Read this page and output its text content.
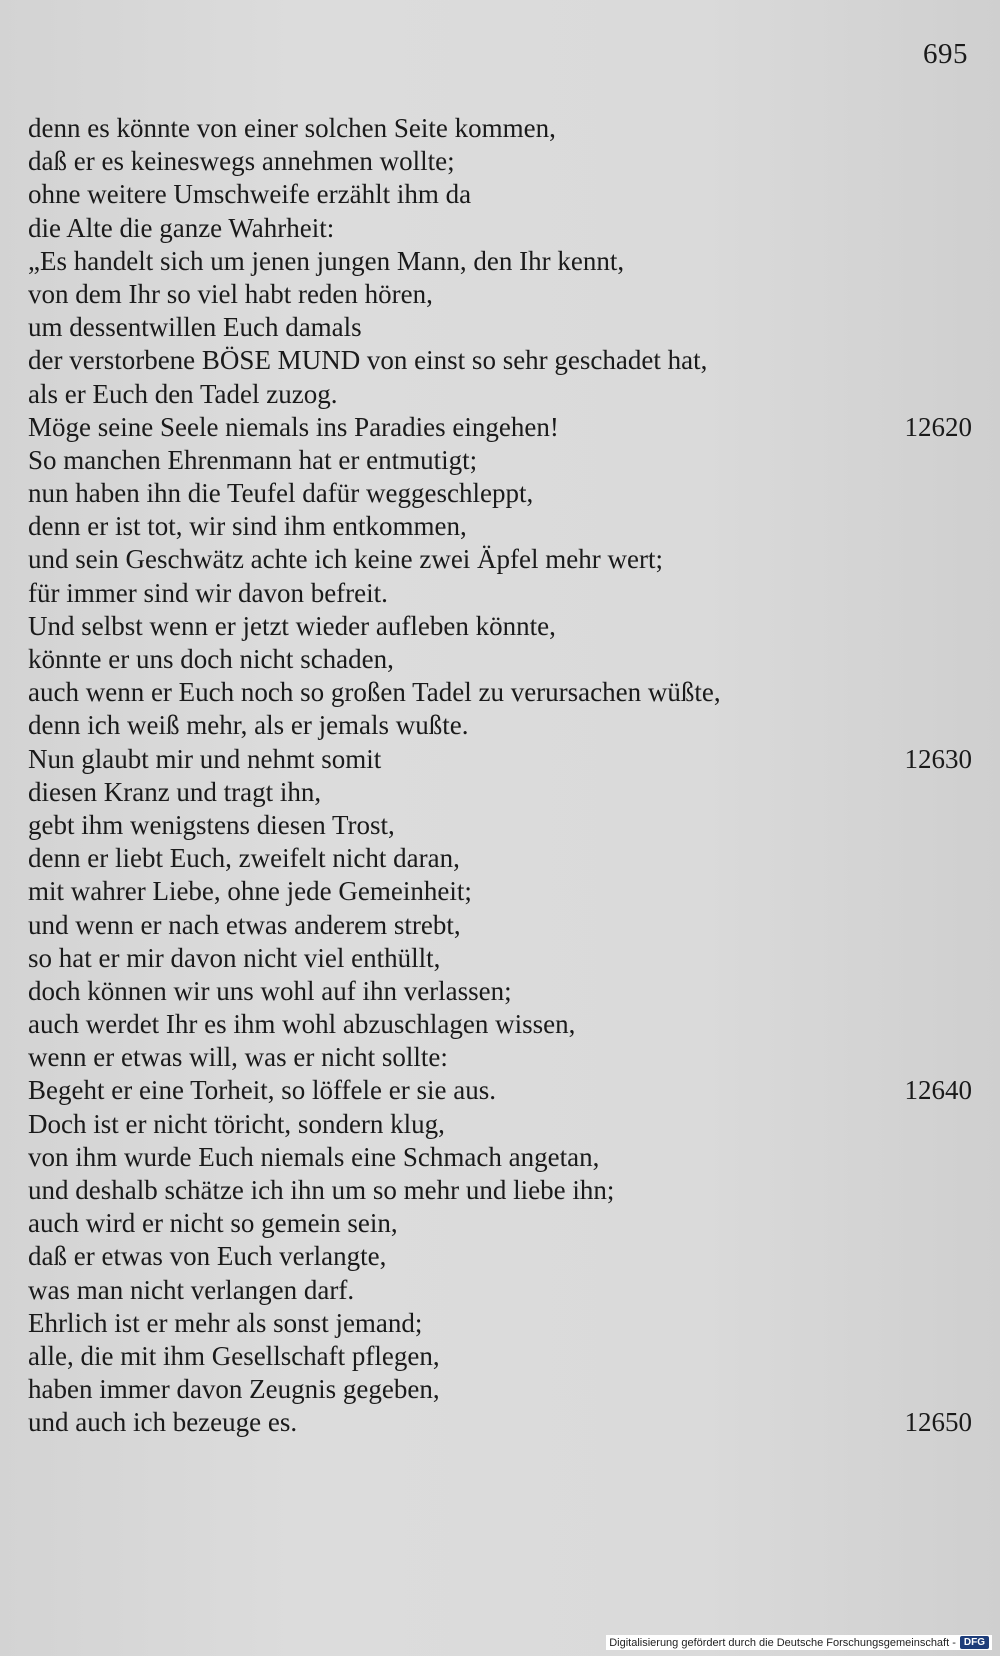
695
denn es könnte von einer solchen Seite kommen,
daß er es keineswegs annehmen wollte;
ohne weitere Umschweife erzählt ihm da
die Alte die ganze Wahrheit:
„Es handelt sich um jenen jungen Mann, den Ihr kennt,
von dem Ihr so viel habt reden hören,
um dessentwillen Euch damals
der verstorbene BÖSE MUND von einst so sehr geschadet hat,
als er Euch den Tadel zuzog.
Möge seine Seele niemals ins Paradies eingehen!	12620
So manchen Ehrenmann hat er entmutigt;
nun haben ihn die Teufel dafür weggeschleppt,
denn er ist tot, wir sind ihm entkommen,
und sein Geschwätz achte ich keine zwei Äpfel mehr wert;
für immer sind wir davon befreit.
Und selbst wenn er jetzt wieder aufleben könnte,
könnte er uns doch nicht schaden,
auch wenn er Euch noch so großen Tadel zu verursachen wüßte,
denn ich weiß mehr, als er jemals wußte.
Nun glaubt mir und nehmt somit	12630
diesen Kranz und tragt ihn,
gebt ihm wenigstens diesen Trost,
denn er liebt Euch, zweifelt nicht daran,
mit wahrer Liebe, ohne jede Gemeinheit;
und wenn er nach etwas anderem strebt,
so hat er mir davon nicht viel enthüllt,
doch können wir uns wohl auf ihn verlassen;
auch werdet Ihr es ihm wohl abzuschlagen wissen,
wenn er etwas will, was er nicht sollte:
Begeht er eine Torheit, so löffele er sie aus.	12640
Doch ist er nicht töricht, sondern klug,
von ihm wurde Euch niemals eine Schmach angetan,
und deshalb schätze ich ihn um so mehr und liebe ihn;
auch wird er nicht so gemein sein,
daß er etwas von Euch verlangte,
was man nicht verlangen darf.
Ehrlich ist er mehr als sonst jemand;
alle, die mit ihm Gesellschaft pflegen,
haben immer davon Zeugnis gegeben,
und auch ich bezeuge es.	12650
Digitalisierung gefördert durch die Deutsche Forschungsgemeinschaft - DFG
